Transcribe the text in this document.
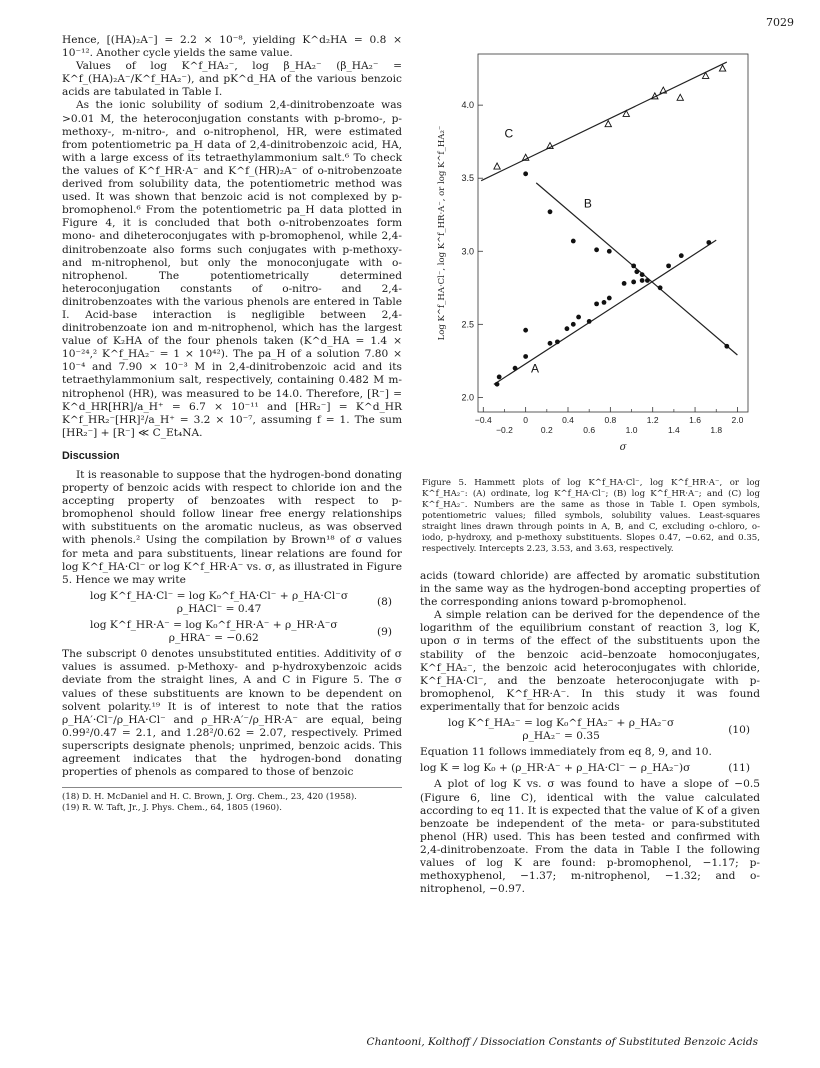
7029

Hence, [(HA)₂A⁻] = 2.2 × 10⁻⁸, yielding K^d₂HA = 0.8 × 10⁻¹². Another cycle yields the same value.

Values of log K^f_HA₂⁻, log β_HA₂⁻ (β_HA₂⁻ = K^f_(HA)₂A⁻/K^f_HA₂⁻), and pK^d_HA of the various benzoic acids are tabulated in Table I.

As the ionic solubility of sodium 2,4-dinitrobenzoate was >0.01 M, the heteroconjugation constants with p-bromo-, p-methoxy-, m-nitro-, and o-nitrophenol, HR, were estimated from potentiometric pa_H data of 2,4-dinitrobenzoic acid, HA, with a large excess of its tetraethylammonium salt.⁶ To check the values of K^f_HR·A⁻ and K^f_(HR)₂A⁻ of o-nitrobenzoate derived from solubility data, the potentiometric method was used. It was shown that benzoic acid is not complexed by p-bromophenol.⁶ From the potentiometric pa_H data plotted in Figure 4, it is concluded that both o-nitrobenzoates form mono- and diheteroconjugates with p-bromophenol, while 2,4-dinitrobenzoate also forms such conjugates with p-methoxy- and m-nitrophenol, but only the monoconjugate with o-nitrophenol. The potentiometrically determined heteroconjugation constants of o-nitro- and 2,4-dinitrobenzoates with the various phenols are entered in Table I. Acid-base interaction is negligible between 2,4-dinitrobenzoate ion and m-nitrophenol, which has the largest value of K₂HA of the four phenols taken (K^d_HA = 1.4 × 10⁻²⁴,² K^f_HA₂⁻ = 1 × 10⁴²). The pa_H of a solution 7.80 × 10⁻⁴ and 7.90 × 10⁻³ M in 2,4-dinitrobenzoic acid and its tetraethylammonium salt, respectively, containing 0.482 M m-nitrophenol (HR), was measured to be 14.0. Therefore, [R⁻] = K^d_HR[HR]/a_H⁺ = 6.7 × 10⁻¹¹ and [HR₂⁻] = K^d_HR K^f_HR₂⁻[HR]²/a_H⁺ = 3.2 × 10⁻⁷, assuming f = 1. The sum [HR₂⁻] + [R⁻] ≪ C_Et₄NA.

Discussion

It is reasonable to suppose that the hydrogen-bond donating property of benzoic acids with respect to chloride ion and the accepting property of benzoates with respect to p-bromophenol should follow linear free energy relationships with substituents on the aromatic nucleus, as was observed with phenols.² Using the compilation by Brown¹⁸ of σ values for meta and para substituents, linear relations are found for log K^f_HA·Cl⁻ or log K^f_HR·A⁻ vs. σ, as illustrated in Figure 5. Hence we may write

log K^f_HA·Cl⁻ = log K₀^f_HA·Cl⁻ + ρ_HA·Cl⁻σ
ρ_HACl⁻ = 0.47
(8)
log K^f_HR·A⁻ = log K₀^f_HR·A⁻ + ρ_HR·A⁻σ
ρ_HRA⁻ = −0.62
(9)

The subscript 0 denotes unsubstituted entities. Additivity of σ values is assumed. p-Methoxy- and p-hydroxybenzoic acids deviate from the straight lines, A and C in Figure 5. The σ values of these substituents are known to be dependent on solvent polarity.¹⁹ It is of interest to note that the ratios ρ_HA′·Cl⁻/ρ_HA·Cl⁻ and ρ_HR·A′⁻/ρ_HR·A⁻ are equal, being 0.99²/0.47 = 2.1, and 1.28²/0.62 = 2.07, respectively. Primed superscripts designate phenols; unprimed, benzoic acids. This agreement indicates that the hydrogen-bond donating properties of phenols as compared to those of benzoic

(18) D. H. McDaniel and H. C. Brown, J. Org. Chem., 23, 420 (1958).
(19) R. W. Taft, Jr., J. Phys. Chem., 64, 1805 (1960).
2.0
2.5
3.0
3.5
4.0
−0.4	0	0.4	0.8	1.2	1.6	2.0
−0.2	0.2	0.6	1.0	1.4	1.8
σ
Log K^f_HA·Cl⁻, log K^f_HR·A⁻, or log K^f_HA₂⁻
A
B
C
Figure 5. Hammett plots of log K^f_HA·Cl⁻, log K^f_HR·A⁻, or log K^f_HA₂⁻: (A) ordinate, log K^f_HA·Cl⁻; (B) log K^f_HR·A⁻; and (C) log K^f_HA₂⁻. Numbers are the same as those in Table I. Open symbols, potentiometric values; filled symbols, solubility values. Least-squares straight lines drawn through points in A, B, and C, excluding o-chloro, o-iodo, p-hydroxy, and p-methoxy substituents. Slopes 0.47, −0.62, and 0.35, respectively. Intercepts 2.23, 3.53, and 3.63, respectively.

acids (toward chloride) are affected by aromatic substitution in the same way as the hydrogen-bond accepting properties of the corresponding anions toward p-bromophenol.

A simple relation can be derived for the dependence of the logarithm of the equilibrium constant of reaction 3, log K, upon σ in terms of the effect of the substituents upon the stability of the benzoic acid–benzoate homoconjugates, K^f_HA₂⁻, the benzoic acid heteroconjugates with chloride, K^f_HA·Cl⁻, and the benzoate heteroconjugate with p-bromophenol, K^f_HR·A⁻. In this study it was found experimentally that for benzoic acids

log K^f_HA₂⁻ = log K₀^f_HA₂⁻ + ρ_HA₂⁻σ
ρ_HA₂⁻ = 0.35
(10)

Equation 11 follows immediately from eq 8, 9, and 10.

log K = log K₀ + (ρ_HR·A⁻ + ρ_HA·Cl⁻ − ρ_HA₂⁻)σ	(11)

A plot of log K vs. σ was found to have a slope of −0.5 (Figure 6, line C), identical with the value calculated according to eq 11. It is expected that the value of K of a given benzoate be independent of the meta- or para-substituted phenol (HR) used. This has been tested and confirmed with 2,4-dinitrobenzoate. From the data in Table I the following values of log K are found: p-bromophenol, −1.17; p-methoxyphenol, −1.37; m-nitrophenol, −1.32; and o-nitrophenol, −0.97.

Chantooni, Kolthoff / Dissociation Constants of Substituted Benzoic Acids
